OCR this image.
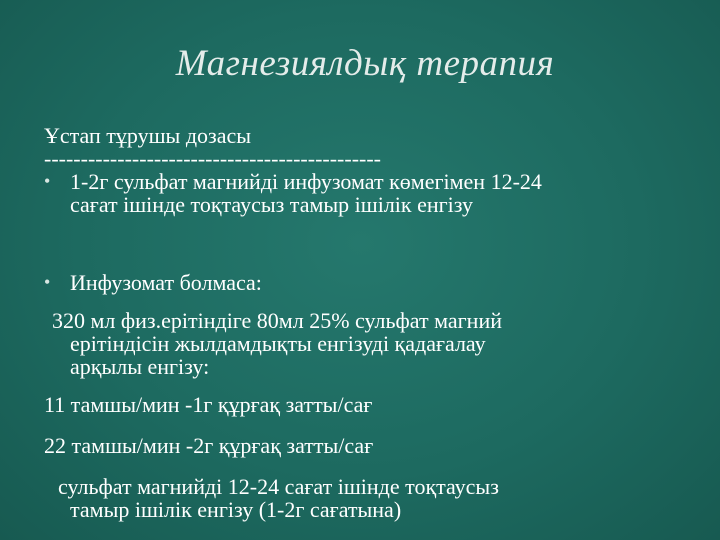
Магнезиялдық терапия
Ұстап тұрушы дозасы
----------------------------------------------
• 1-2г сульфат магнийді инфузомат көмегімен 12-24
сағат ішінде тоқтаусыз тамыр ішілік енгізу
• Инфузомат болмаса:
320 мл физ.ерітіндіге 80мл 25% сульфат магний
ерітіндісін жылдамдықты енгізуді қадағалау
арқылы енгізу:
11 тамшы/мин -1г құрғақ затты/сағ
22 тамшы/мин -2г құрғақ затты/сағ
сульфат магнийді 12-24 сағат ішінде тоқтаусыз
тамыр ішілік енгізу (1-2г сағатына)
